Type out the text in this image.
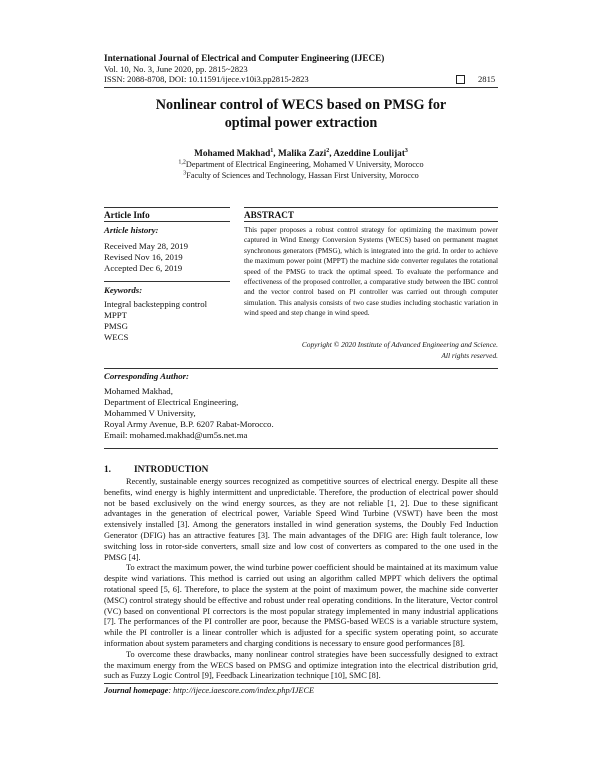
International Journal of Electrical and Computer Engineering (IJECE)
Vol. 10, No. 3, June 2020, pp. 2815~2823
ISSN: 2088-8708, DOI: 10.11591/ijece.v10i3.pp2815-2823	2815
Nonlinear control of WECS based on PMSG for
optimal power extraction
Mohamed Makhad$^1$, Malika Zazi$^2$, Azeddine Loulijat$^3$
$^{1,2}$Department of Electrical Engineering, Mohamed V University, Morocco
$^3$Faculty of Sciences and Technology, Hassan First University, Morocco
Article Info	ABSTRACT
Article history:
Received May 28, 2019
Revised Nov 16, 2019
Accepted Dec 6, 2019
Keywords:
Integral backstepping control
MPPT
PMSG
WECS
This paper proposes a robust control strategy for optimizing the maximum power captured in Wind Energy Conversion Systems (WECS) based on permanent magnet synchronous generators (PMSG), which is integrated into the grid. In order to achieve the maximum power point (MPPT) the machine side converter regulates the rotational speed of the PMSG to track the optimal speed. To evaluate the performance and effectiveness of the proposed controller, a comparative study between the IBC control and the vector control based on PI controller was carried out through computer simulation. This analysis consists of two case studies including stochastic variation in wind speed and step change in wind speed.
Copyright © 2020 Institute of Advanced Engineering and Science.
All rights reserved.
Corresponding Author:
Mohamed Makhad,
Department of Electrical Engineering,
Mohammed V University,
Royal Army Avenue, B.P. 6207 Rabat-Morocco.
Email: mohamed.makhad@um5s.net.ma
1. INTRODUCTION

Recently, sustainable energy sources recognized as competitive sources of electrical energy. Despite all these benefits, wind energy is highly intermittent and unpredictable. Therefore, the production of electrical power should not be based exclusively on the wind energy sources, as they are not reliable [1, 2]. Due to these significant advantages in the generation of electrical power, Variable Speed Wind Turbine (VSWT) have been the most extensively installed [3]. Among the generators installed in wind generation systems, the Doubly Fed Induction Generator (DFIG) has an attractive features [3]. The main advantages of the DFIG are: High fault tolerance, low switching loss in rotor-side converters, small size and low cost of converters as compared to the one used in the PMSG [4].

To extract the maximum power, the wind turbine power coefficient should be maintained at its maximum value despite wind variations. This method is carried out using an algorithm called MPPT which delivers the optimal rotational speed [5, 6]. Therefore, to place the system at the point of maximum power, the machine side converter (MSC) control strategy should be effective and robust under real operating conditions. In the literature, Vector control (VC) based on conventional PI correctors is the most popular strategy implemented in many industrial applications [7]. The performances of the PI controller are poor, because the PMSG-based WECS is a variable structure system, while the PI controller is a linear controller which is adjusted for a specific system operating point, so accurate information about system parameters and charging conditions is necessary to ensure good performances [8].

To overcome these drawbacks, many nonlinear control strategies have been successfully designed to extract the maximum energy from the WECS based on PMSG and optimize integration into the electrical distribution grid, such as Fuzzy Logic Control [9], Feedback Linearization technique [10], SMC [8].

Journal homepage: http://ijece.iaescore.com/index.php/IJECE
